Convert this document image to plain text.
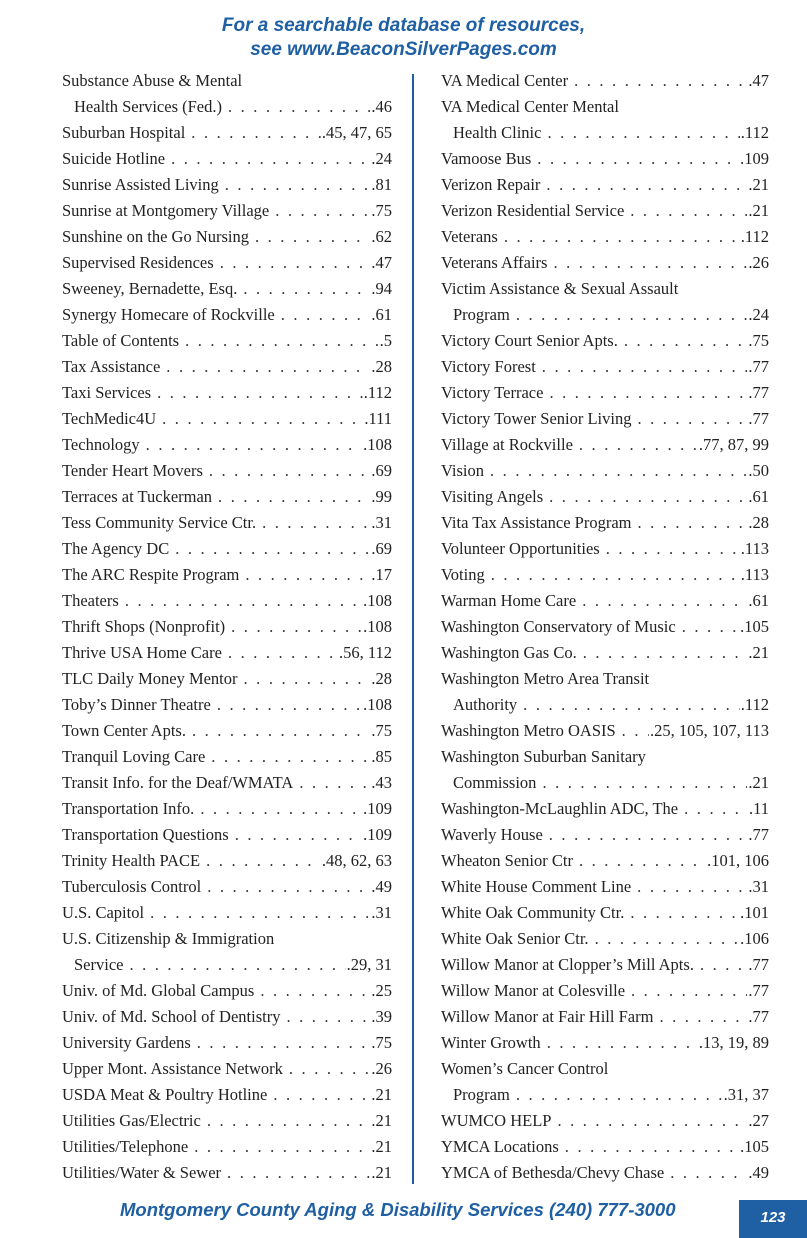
For a searchable database of resources,
see www.BeaconSilverPages.com
Substance Abuse & Mental
Health Services (Fed.) . . .	.46
Suburban Hospital . . .	.45, 47, 65
Suicide Hotline . . .	.24
Sunrise Assisted Living . . .	.81
Sunrise at Montgomery Village . . .	.75
Sunshine on the Go Nursing . . .	.62
Supervised Residences . . .	.47
Sweeney, Bernadette, Esq. . . .	.94
Synergy Homecare of Rockville . . .	.61
Table of Contents . . .	.5
Tax Assistance . . .	.28
Taxi Services . . .	.112
TechMedic4U . . .	.111
Technology . . .	.108
Tender Heart Movers . . .	.69
Terraces at Tuckerman . . .	.99
Tess Community Service Ctr. . . .	.31
The Agency DC . . .	.69
The ARC Respite Program . . .	.17
Theaters . . .	.108
Thrift Shops (Nonprofit) . . .	.108
Thrive USA Home Care . . .	.56, 112
TLC Daily Money Mentor . . .	.28
Toby’s Dinner Theatre . . .	.108
Town Center Apts. . . .	.75
Tranquil Loving Care . . .	.85
Transit Info. for the Deaf/WMATA . . .	.43
Transportation Info. . . .	.109
Transportation Questions . . .	.109
Trinity Health PACE . . .	.48, 62, 63
Tuberculosis Control . . .	.49
U.S. Capitol . . .	.31
U.S. Citizenship & Immigration
Service . . .	.29, 31
Univ. of Md. Global Campus . . .	.25
Univ. of Md. School of Dentistry . . .	.39
University Gardens . . .	.75
Upper Mont. Assistance Network . . .	.26
USDA Meat & Poultry Hotline . . .	.21
Utilities Gas/Electric . . .	.21
Utilities/Telephone . . .	.21
Utilities/Water & Sewer . . .	.21
VA Medical Center . . .	.47
VA Medical Center Mental
Health Clinic . . .	.112
Vamoose Bus . . .	.109
Verizon Repair . . .	.21
Verizon Residential Service . . .	.21
Veterans . . .	.112
Veterans Affairs . . .	.26
Victim Assistance & Sexual Assault
Program . . .	.24
Victory Court Senior Apts. . . .	.75
Victory Forest . . .	.77
Victory Terrace . . .	.77
Victory Tower Senior Living . . .	.77
Village at Rockville . . .	.77, 87, 99
Vision . . .	.50
Visiting Angels . . .	.61
Vita Tax Assistance Program . . .	.28
Volunteer Opportunities . . .	.113
Voting . . .	.113
Warman Home Care . . .	.61
Washington Conservatory of Music . . .	.105
Washington Gas Co. . . .	.21
Washington Metro Area Transit
Authority . . .	.112
Washington Metro OASIS . . . .25, 105, 107, 113
Washington Suburban Sanitary
Commission . . .	.21
Washington-McLaughlin ADC, The . . .	.11
Waverly House . . .	.77
Wheaton Senior Ctr . . .	.101, 106
White House Comment Line . . .	.31
White Oak Community Ctr. . . .	.101
White Oak Senior Ctr. . . .	.106
Willow Manor at Clopper’s Mill Apts. . . .	.77
Willow Manor at Colesville . . .	.77
Willow Manor at Fair Hill Farm . . .	.77
Winter Growth . . .	.13, 19, 89
Women’s Cancer Control
Program . . .	.31, 37
WUMCO HELP . . .	.27
YMCA Locations . . .	.105
YMCA of Bethesda/Chevy Chase . . .	.49
Montgomery County Aging & Disability Services (240) 777-3000	123
